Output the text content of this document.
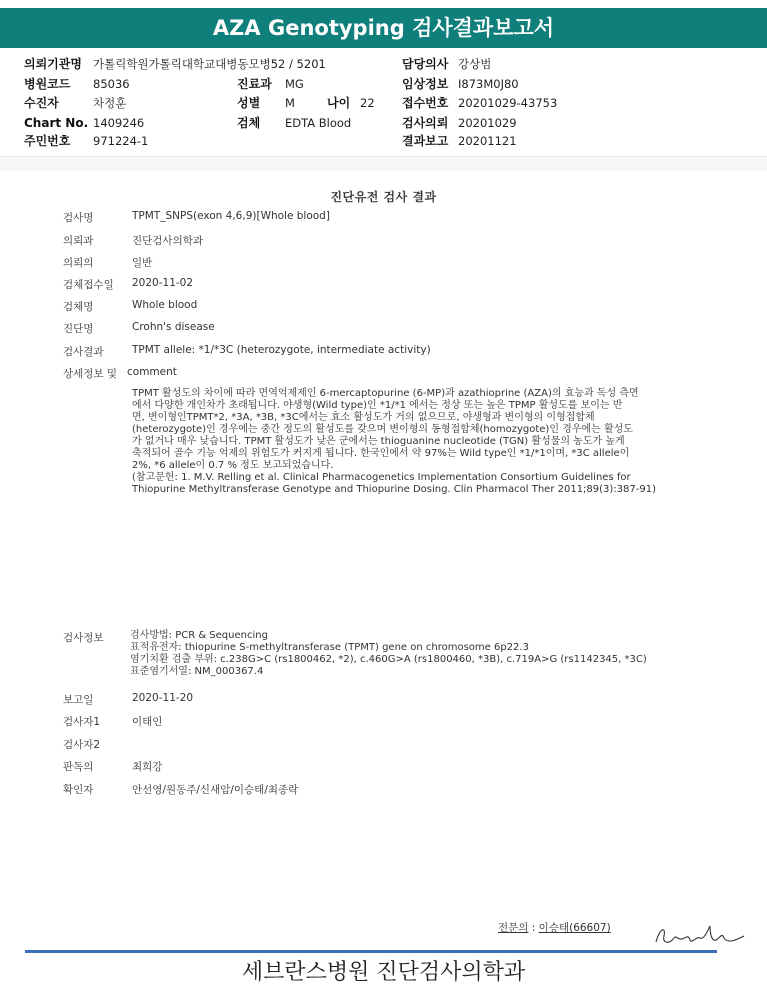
AZA Genotyping 검사결과보고서
의뢰기관명 가톨릭학원가톨릭대학교대병동모병52 / 5201
병원코드 85036
수진자	차정훈
Chart No. 1409246
주민번호 971224-1
진료과 MG
성별 M	나이 22
검체 EDTA Blood
담당의사 강상범
임상정보 I873M0J80
접수번호 20201029-43753
검사의뢰 20201029
결과보고 20201121
진단유전 검사 결과
검사명	TPMT_SNPS(exon 4,6,9)[Whole blood]
의뢰과	진단검사의학과
의뢰의	일반
검체접수일 2020-11-02
검체명	Whole blood
진단명	Crohn's disease
검사결과	TPMT allele: *1/*3C (heterozygote, intermediate activity)
상세정보 및 comment

TPMT 활성도의 차이에 따라 면역억제제인 6-mercaptopurine (6-MP)과 azathioprine (AZA)의 효능과 독성 측면

에서 다양한 개인차가 초래됩니다. 야생형(Wild type)인 *1/*1 에서는 정상 또는 높은 TPMP 활성도를 보이는 반

면, 변이형인TPMT*2, *3A, *3B, *3C에서는 효소 활성도가 거의 없으므로, 야생형과 변이형의 이형접합체

(heterozygote)인 경우에는 중간 정도의 활성도를 갖으며 변이형의 동형접합체(homozygote)인 경우에는 활성도

가 없거나 매우 낮습니다. TPMT 활성도가 낮은 군에서는 thioguanine nucleotide (TGN) 활성물의 농도가 높게

축적되어 골수 기능 억제의 위험도가 커지게 됩니다. 한국인에서 약 97%는 Wild type인 *1/*1이며, *3C allele이

2%, *6 allele이 0.7 % 정도 보고되었습니다.

(참고문헌: 1. M.V. Relling et al. Clinical Pharmacogenetics Implementation Consortium Guidelines for

Thiopurine Methyltransferase Genotype and Thiopurine Dosing. Clin Pharmacol Ther 2011;89(3):387-91)

검사정보	검사방법: PCR & Sequencing

표적유전자: thiopurine S-methyltransferase (TPMT) gene on chromosome 6p22.3

염기치환 검출 부위: c.238G>C (rs1800462, *2), c.460G>A (rs1800460, *3B), c.719A>G (rs1142345, *3C)

표준염기서열: NM_000367.4

보고일	2020-11-20
검사자1	이태인
검사자2
판독의	최희강
확인자	안선영/원동주/신새암/이승태/최종락
전문의 : 이승태(66607)
세브란스병원 진단검사의학과
